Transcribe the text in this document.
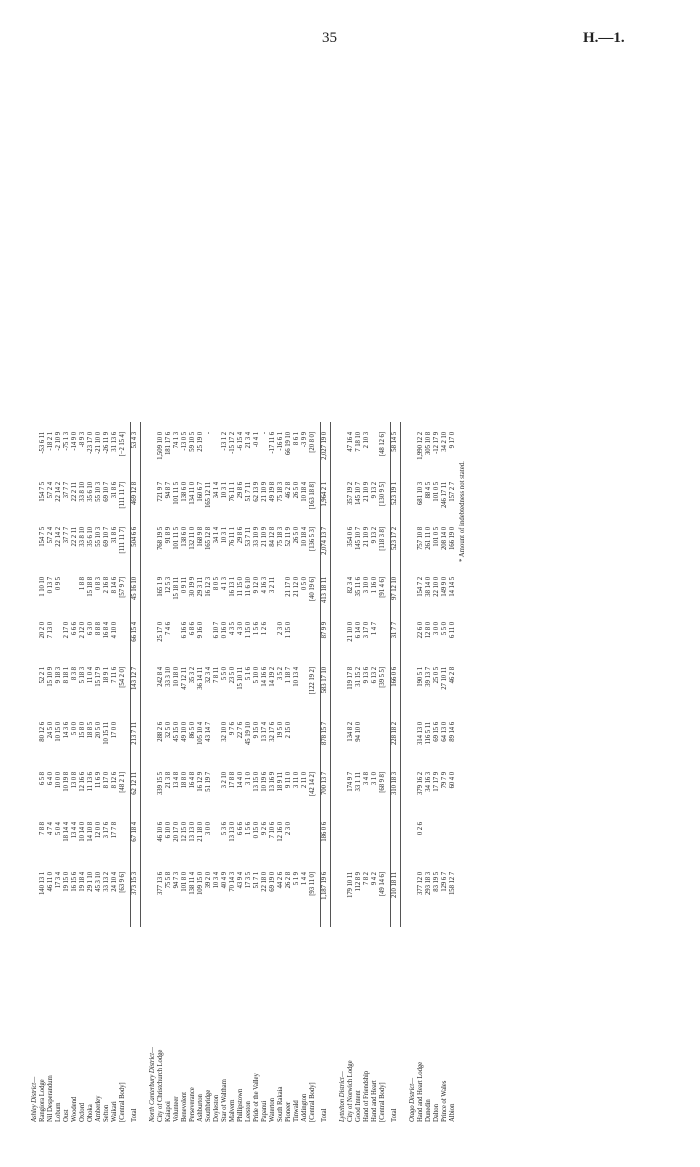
35	H.—1.
Ashley District— Rangiora Lodge
140 13 1
7 8 8
6 5 8
80 12 6
52 2 1
20 2 0
1 10 10
154 7 5
154 7 5
-53 6 11
Nil Desperandum
46 11 0
4 7 4
6 4 0
24 5 0
15 10 9
7 13 0
0 13 7
57 2 4
57 2 4
-18 2 1
Loburn
17 3 4
5 0 4
10 0 0
10 15 0
9 18 3
0 9 5
22 14 2
22 14 2
-2 10 9
Oust
19 15 0
18 14 4
10 19 8
14 3 6
8 18 1
2 17 0
37 7 7
37 7 7
-75 1 3
Woodend
16 15 6
13 4 4
13 0 8
5 0 0
8 3 8
6 6 6
22 2 11
22 2 11
-14 9 0
Oxford
19 18 4
10 14 0
12 16 6
15 8 0
5 18 3
2 12 0
1 8 8
33 8 10
33 8 10
-8 9 3
Ohoka
29 1 10
14 10 8
11 13 6
18 8 5
11 0 4
6 3 0
15 18 8
35 6 10
35 6 10
-23 17 0
Amberley
45 3 10
12 0 0
11 6 9
20 5 0
15 17 9
8 8 8
0 8 3
55 10 3
55 10 3
-21 10 0
Sefton
33 13 2
3 17 6
8 17 0
10 15 11
18 9 1
16 8 4
2 16 8
69 10 7
69 10 7
-26 11 9
Waikari
24 10 4
17 7 8
8 12 6
17 0 0
7 11 6
4 10 0
8 14 6
31 8 6
31 8 6
31 13 6
[Central Body]
[63 9 6]
[48 2 1]
[54 2 0]
[57 9 7]
[111 11 7]
[111 11 7]
[−2 15 4]
Total
373 15 3
67 18 4
62 12 11
213 7 11
143 12 7
66 15 4
45 16 10
504 6 6
469 12 8
53 4 3
North Canterbury District— City of Christchurch Lodge
377 13 6
46 10 6
339 15 5
288 2 6
242 8 4
25 17 0
165 1 9
768 19 5
721 9 7
1,509 10 0
Kaiapoi
75 5 8
6 10 0
21 3 8
32 5 0
33 3 10
7 4 6
12 5 3
91 8 9
94 8 7
181 17 6
Volunteer
94 7 3
20 17 0
13 4 8
45 15 0
10 18 0
15 18 11
101 11 5
101 11 5
74 1 3
Benevolent
101 8 0
12 15 0
18 8 0
49 10 0
47 12 11
6 16 6
0 9 11
138 6 0
138 6 0
-13 0 5
Perseverance
138 11 4
13 13 0
16 4 8
86 5 0
35 3 2
6 8 6
30 19 9
132 11 0
134 11 0
59 10 5
Ashburton
109 15 0
21 18 0
16 12 9
105 10 4
36 14 11
9 16 0
29 3 11
168 9 8
160 6 7
25 19 0
Southbridge
39 2 0
3 0 0
51 19 7
43 14 7
32 3 4
16 12 3
165 12 8
165 12 11
-
Doyleston
10 3 4
7 8 11
6 10 7
8 0 5
34 1 4
34 1 4
Star of Waltham
40 4 9
5 3 6
3 2 10
32 10 0
5 5 0
0 16 0
4 1 3
10 3 1
10 3 1
-13 1 2
Malvern
70 14 3
13 13 0
17 8 8
9 7 6
23 5 0
4 3 5
16 13 1
76 11 1
76 11 1
-15 17 2
Phillipstown
43 9 4
6 6 6
14 4 0
22 7 6
15 10 11
4 3 0
11 15 0
29 8 6
29 8 6
-6 15 4
Leeston
17 3 5
1 5 6
3 1 0
45 19 10
5 1 6
1 15 0
11 6 10
53 7 11
51 7 11
21 3 4
Pride of the Valley
51 7 1
0 15 0
13 15 0
9 15 0
5 10 0
1 5 6
9 12 0
33 10 9
62 13 9
-0 4 1
Papanui
22 18 0
9 2 6
10 19 6
13 17 4
14 16 6
1 2 6
4 16 3
21 10 9
21 10 9
-
Waterton
69 19 0
7 10 6
13 16 9
32 17 6
14 19 2
3 2 11
84 12 8
49 19 8
-17 11 6
South Rakaia
44 2 6
12 16 0
18 9 11
19 5 0
3 5 2
2 3 0
75 18 3
75 18 3
-16 6 1
Pioneer
26 2 8
2 3 0
9 11 0
2 15 0
1 18 7
1 15 0
21 17 0
52 11 9
46 2 8
66 19 10
Tinwald
5 1 9
3 11 0
10 13 4
21 12 0
26 5 0
26 5 0
8 6 1
Addington
1 4 4
2 11 0
0 5 0
10 18 4
10 18 4
-3 9 9
[Central Body]
[93 11 0]
[42 14 2]
[122 19 2]
[40 19 6]
[136 5 3]
[163 18 8]
[20 8 0]
Total
1,187 19 6
186 0 6
700 13 7
878 15 7
583 17 10
87 9 9
413 18 11
2,074 13 7
1,964 2 1
2,027 19 0
Lyttelton District— City of Norwich Lodge
179 10 11
174 9 7
134 8 2
119 17 8
21 10 0
82 3 4
354 0 6
357 19 2
47 16 4
Good Intent
112 8 9
33 1 11
94 10 0
31 15 2
6 14 0
35 11 6
145 10 7
145 10 7
7 18 10
Hand of Friendship
7 8 2
3 4 8
9 13 6
3 17 0
3 10 0
21 10 9
21 10 9
2 10 3
Hand and Heart
9 4 2
3 1 0
6 13 2
1 4 7
1 16 0
9 13 2
9 13 2
[Central Body]
[49 14 6]
[68 9 8]
[39 5 5]
[91 4 6]
[118 3 8]
[130 9 5]
[48 12 6]
Total
210 18 11
310 18 3
228 18 2
166 0 6
31 7 7
97 12 10
523 17 2
523 19 1
58 14 5
Otago District— Hand and Heart Lodge
377 12 0
0 2 6
379 16 2
314 13 0
190 5 1
22 6 0
154 7 2
757 10 8
681 10 3
1,990 12 2
Dunedin
293 18 3
34 16 3
116 5 11
39 13 7
12 8 0
38 14 0
261 11 0
88 4 5
305 10 8
Dalton
83 19 5
17 17 9
69 15 6
25 0 5
3 0 0
22 10 0
101 0 5
101 0 5
-12 17 9
Prince of Wales
129 6 7
79 7 9
64 13 0
27 10 11
5 5 0
149 9 0
208 14 0
246 17 11
34 2 10
Albion
158 12 7
60 4 0
89 14 6
46 2 8
6 11 0
14 14 5
166 19 0
157 2 7
9 17 0
* Amount of indebtedness not stated.
